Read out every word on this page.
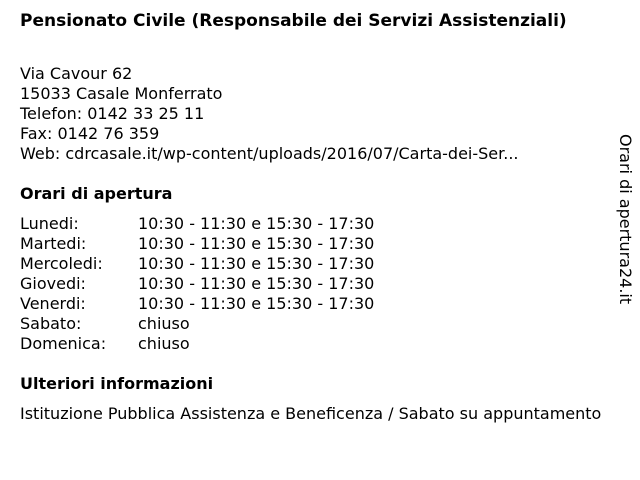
Pensionato Civile (Responsabile dei Servizi Assistenziali)
Via Cavour 62
15033 Casale Monferrato
Telefon: 0142 33 25 11
Fax: 0142 76 359
Web: cdrcasale.it/wp-content/uploads/2016/07/Carta-dei-Ser...
Orari di apertura
Lunedi:	10:30 - 11:30 e 15:30 - 17:30
Martedi:	10:30 - 11:30 e 15:30 - 17:30
Mercoledi: 10:30 - 11:30 e 15:30 - 17:30
Giovedi:	10:30 - 11:30 e 15:30 - 17:30
Venerdi:	10:30 - 11:30 e 15:30 - 17:30
Sabato:	chiuso
Domenica: chiuso
Ulteriori informazioni
Istituzione Pubblica Assistenza e Beneficenza / Sabato su appuntamento
Orari di apertura24.it
